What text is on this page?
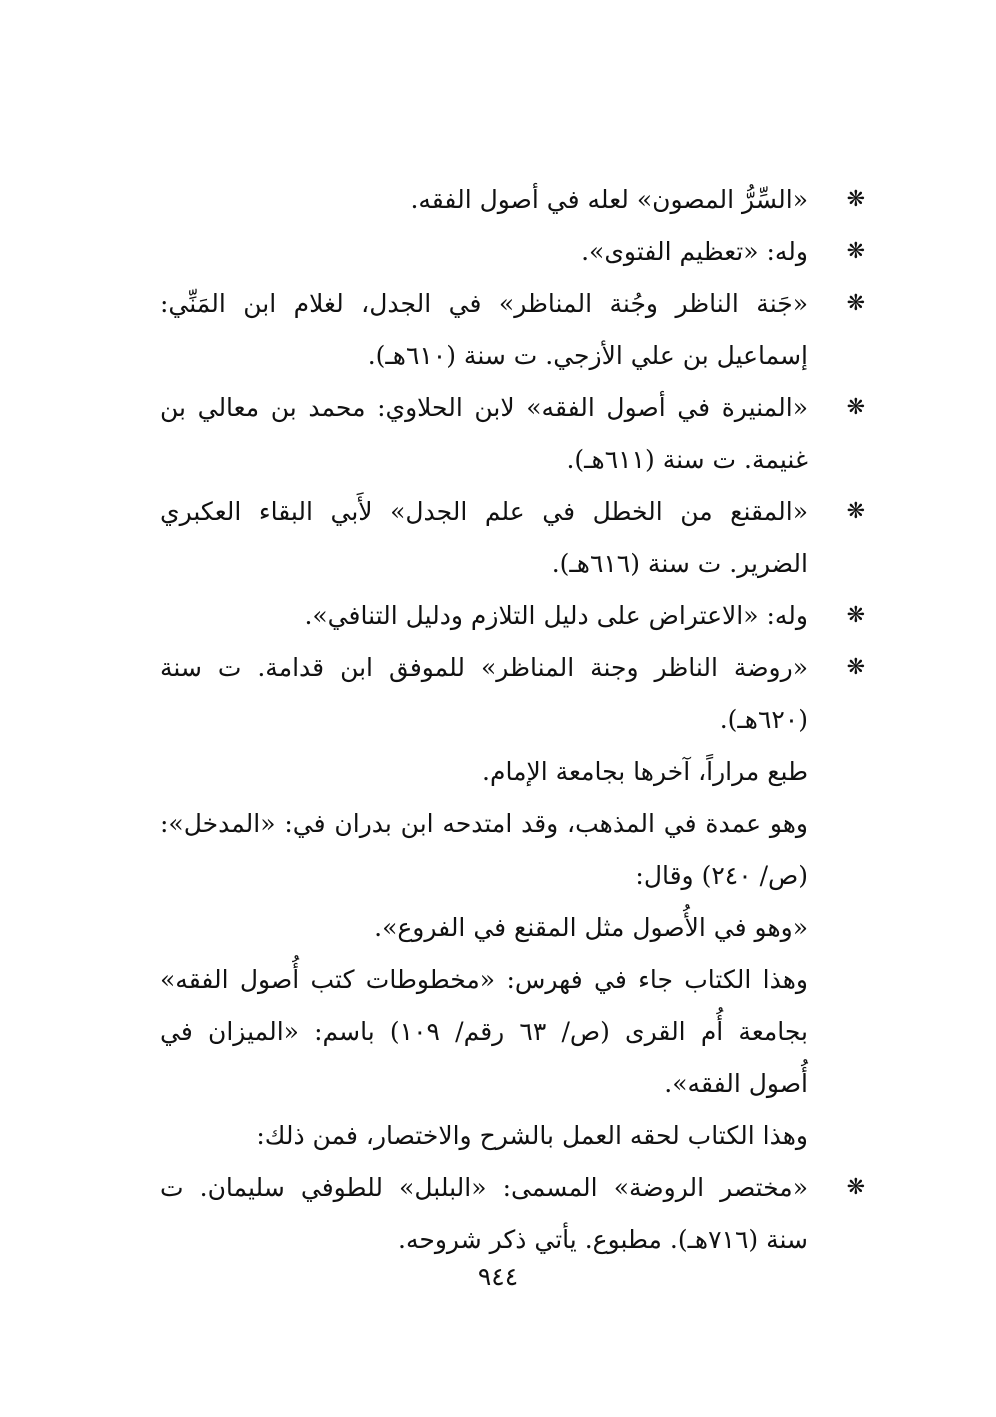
❋
«السِّرُّ المصون» لعله في أصول الفقه.
❋
وله: «تعظيم الفتوى».
❋
«جَنة الناظر وجُنة المناظر» في الجدل، لغلام ابن المَنِّي: إسماعيل بن علي الأزجي. ت سنة (٦١٠هـ).
❋
«المنيرة في أصول الفقه» لابن الحلاوي: محمد بن معالي بن غنيمة. ت سنة (٦١١هـ).
❋
«المقنع من الخطل في علم الجدل» لأَبي البقاء العكبري الضرير. ت سنة (٦١٦هـ).
❋
وله: «الاعتراض على دليل التلازم ودليل التنافي».
❋
«روضة الناظر وجنة المناظر» للموفق ابن قدامة. ت سنة (٦٢٠هـ).

طبع مراراً، آخرها بجامعة الإمام.

وهو عمدة في المذهب، وقد امتدحه ابن بدران في: «المدخل»: (ص/ ٢٤٠) وقال:

«وهو في الأُصول مثل المقنع في الفروع».

وهذا الكتاب جاء في فهرس: «مخطوطات كتب أُصول الفقه» بجامعة أُم القرى (ص/ ٦٣ رقم/ ١٠٩) باسم: «الميزان في أُصول الفقه».

وهذا الكتاب لحقه العمل بالشرح والاختصار، فمن ذلك:

❋
«مختصر الروضة» المسمى: «البلبل» للطوفي سليمان. ت سنة (٧١٦هـ). مطبوع. يأتي ذكر شروحه.
٩٤٤
